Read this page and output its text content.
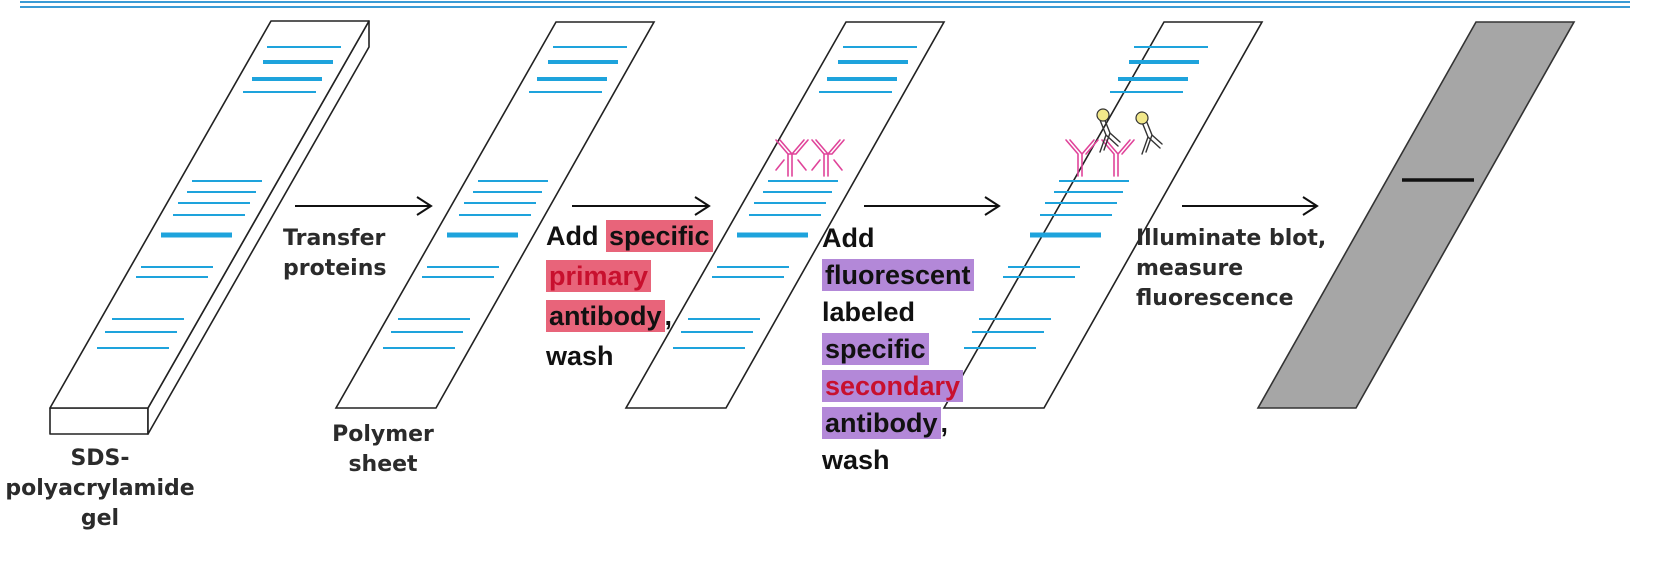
SDS-
polyacrylamide
gel
Transfer
proteins
Polymer
sheet
Illuminate blot,
measure
fluorescence
Add specific
primary
antibody ,
wash
Add
fluorescent
labeled
specific
secondary
antibody ,
wash
